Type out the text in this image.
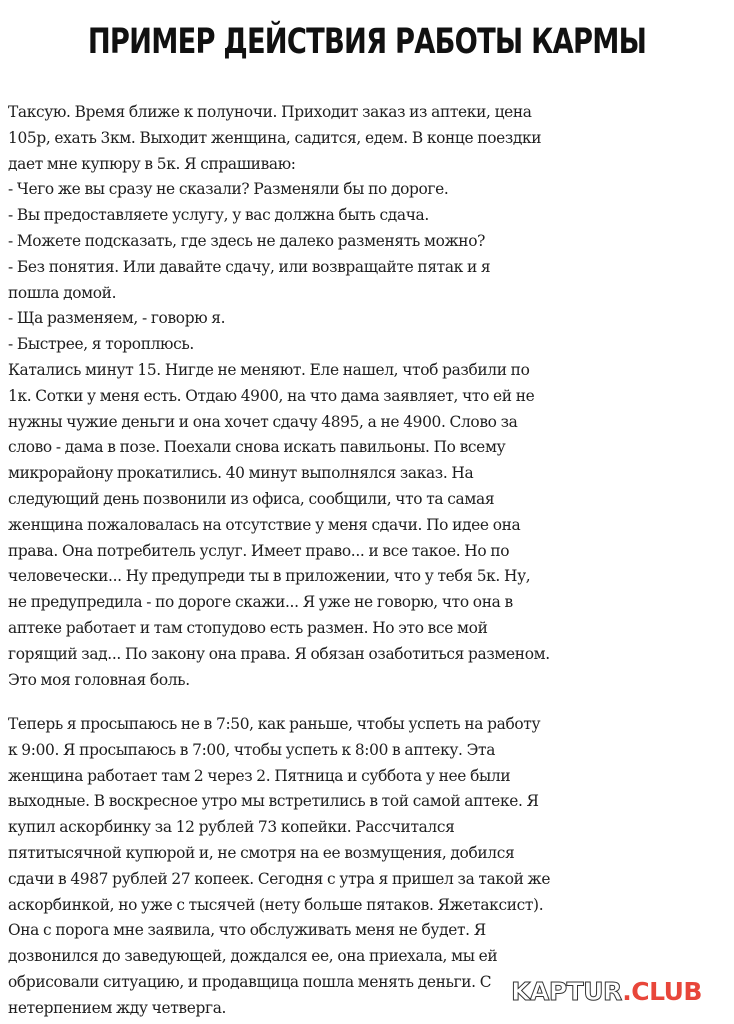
ПРИМЕР ДЕЙСТВИЯ РАБОТЫ КАРМЫ
Таксую. Время ближе к полуночи. Приходит заказ из аптеки, цена
105р, ехать 3км. Выходит женщина, садится, едем. В конце поездки
дает мне купюру в 5к. Я спрашиваю:
- Чего же вы сразу не сказали? Разменяли бы по дороге.
- Вы предоставляете услугу, у вас должна быть сдача.
- Можете подсказать, где здесь не далеко разменять можно?
- Без понятия. Или давайте сдачу, или возвращайте пятак и я
пошла домой.
- Ща разменяем, - говорю я.
- Быстрее, я тороплюсь.
Катались минут 15. Нигде не меняют. Еле нашел, чтоб разбили по
1к. Сотки у меня есть. Отдаю 4900, на что дама заявляет, что ей не
нужны чужие деньги и она хочет сдачу 4895, а не 4900. Слово за
слово - дама в позе. Поехали снова искать павильоны. По всему
микрорайону прокатились. 40 минут выполнялся заказ. На
следующий день позвонили из офиса, сообщили, что та самая
женщина пожаловалась на отсутствие у меня сдачи. По идее она
права. Она потребитель услуг. Имеет право... и все такое. Но по
человечески... Ну предупреди ты в приложении, что у тебя 5к. Ну,
не предупредила - по дороге скажи... Я уже не говорю, что она в
аптеке работает и там стопудово есть размен. Но это все мой
горящий зад... По закону она права. Я обязан озаботиться разменом.
Это моя головная боль.
Теперь я просыпаюсь не в 7:50, как раньше, чтобы успеть на работу
к 9:00. Я просыпаюсь в 7:00, чтобы успеть к 8:00 в аптеку. Эта
женщина работает там 2 через 2. Пятница и суббота у нее были
выходные. В воскресное утро мы встретились в той самой аптеке. Я
купил аскорбинку за 12 рублей 73 копейки. Рассчитался
пятитысячной купюрой и, не смотря на ее возмущения, добился
сдачи в 4987 рублей 27 копеек. Сегодня с утра я пришел за такой же
аскорбинкой, но уже с тысячей (нету больше пятаков. Яжетаксист).
Она с порога мне заявила, что обслуживать меня не будет. Я
дозвонился до заведующей, дождался ее, она приехала, мы ей
обрисовали ситуацию, и продавщица пошла менять деньги. С
нетерпением жду четверга.
KAPTUR.CLUB
